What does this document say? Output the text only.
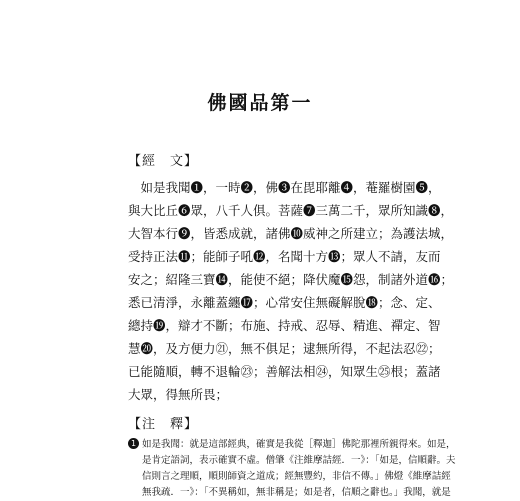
佛國品第一
【經　文】
　如是我聞❶，一時❷，佛❸在毘耶離❹，菴羅樹園❺，
與大比丘❻眾，八千人俱。菩薩❼三萬二千，眾所知識❽，
大智本行❾，皆悉成就，諸佛❿威神之所建立；為護法城，
受持正法⓫；能師子吼⓬，名聞十方⓭；眾人不請，友而
安之；紹隆三寶⓮，能使不絕；降伏魔⓯怨，制諸外道⓰；
悉已清淨，永離蓋纏⓱；心常安住無礙解脫⓲；念、定、
總持⓳，辯才不斷；布施、持戒、忍辱、精進、禪定、智
慧⓴，及方便力㉑，無不俱足；逮無所得，不起法忍㉒；
已能隨順，轉不退輪㉓；善解法相㉔，知眾生㉕根；蓋諸
大眾，得無所畏；
【注　釋】
1 如是我聞：就是這部經典，確實是我從［釋迦］佛陀那裡所親得來。如是，
是肯定語詞，表示確實不虛。僧肇《注維摩詰經．一》：「如是，信順辭。夫
信則言之理順，順則師資之道成；經無豐約，非信不傳。」佛燈《維摩詰經
無我疏．一》：「不異稱如，無非稱是；如是者，信順之辭也。」我聞，就是
